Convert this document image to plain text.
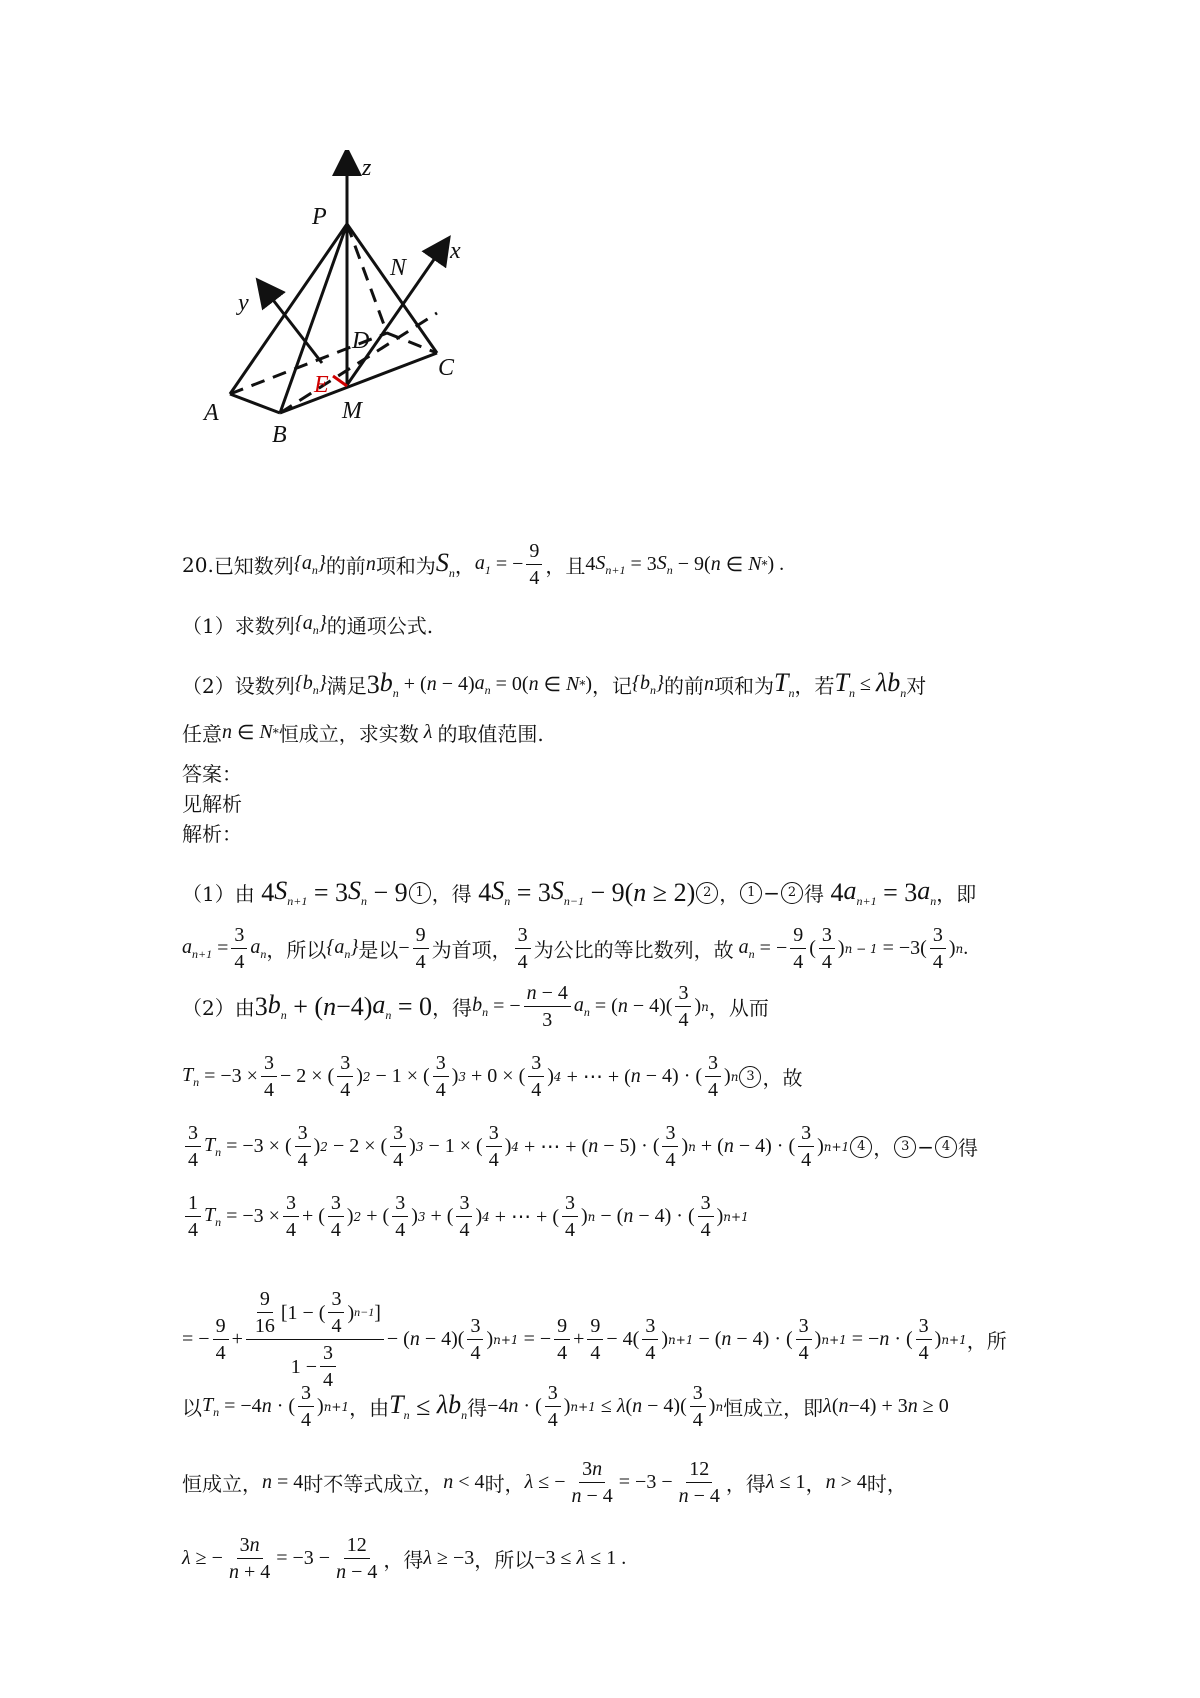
z
x
y
P
N
D
C
A
B
M
E
20. 已知数列 $\{a_n\}$ 的前 n 项和为 $S_n$ ， $a_1$ = − $\frac{9}{4}$ ，且 4 $S_{n+1} = 3$ $S_n - 9$( n ∈ N * ) .
（1） 求数列 $\{a_n\}$ 的通项公式.
（2） 设数列 $\{b_n\}$ 满足 3 $b_n$ + ( n − 4) $a_n = 0$( n ∈ N * ) ，记 $\{b_n\}$ 的前 n 项和为 $T_n$ ，若 $T_n \le \lambda b_n$ 对
任意 n ∈ N * 恒成立，求实数 λ 的取值范围.
答案：
见解析
解析：
（1）由 4 $S_{n+1} = 3$ $S_n - 9$ 1 ，得 4 $S_n = 3$ $S_{n-1} - 9$( n ≥ 2) 2 ， 1 − 2 得 4 $a_{n+1} = 3$ $a_n$ ，即
$a_{n+1} = \frac{3}{4} a_n$ ， 所以 $\{a_n\}$ 是以 − $\frac{9}{4}$ 为首项， $\frac{3}{4}$ 为公比的等比数列，故 $a_n$ = − $\frac{9}{4}$ ( $\frac{3}{4}$ ) $n - 1 = -3( \frac{3}{4}$ ) n .
（2）由 3 $b_n$ + ( n −4) $a_n = 0$ ，得 $b_n$ = − $\frac{n - 4}{3} a_n$ = ( $n - 4)( \frac{3}{4}$ ) n ，从而
$T_n = -3 \times \frac{3}{4} - 2$ × ( $\frac{3}{4}$ ) 2 − 1 × ( $\frac{3}{4}$ ) 3 + 0 × ( $\frac{3}{4}$ ) 4 + ⋯ + ( n − 4) · ( $\frac{3}{4}$ ) n 3 ，故
$\frac{3}{4} T_n = -3$ × ( $\frac{3}{4}$ ) 2 − 2 × ( $\frac{3}{4}$ ) 3 − 1 × ( $\frac{3}{4}$ ) 4 + ⋯ + ( n − 5) · ( $\frac{3}{4}$ ) n + ( n − 4) · ( $\frac{3}{4}$ ) n+1 4 ， 3 − 4 得
$\frac{1}{4} T_n = -3 \times \frac{3}{4}$ + ( $\frac{3}{4}$ ) 2 + ( $\frac{3}{4}$ ) 3 + ( $\frac{3}{4}$ ) 4 + ⋯ + ( $\frac{3}{4}$ ) n − ( n − 4) · ( $\frac{3}{4}$ ) n+1
= − $\frac{9}{4} + \frac{\frac{9}{16} [1 - ( \frac{3}{4} ) n-1 ]}{1 - \frac{3}{4}}$ − ( $n - 4)( \frac{3}{4}$ ) n+1 = − $\frac{9}{4} + \frac{9}{4} - 4( \frac{3}{4}$ ) n+1 − ( n − 4) · ( $\frac{3}{4}$ ) n+1 = − n · ( $\frac{3}{4}$ ) n+1 ，所
以 $T_n = -4$ n · ( $\frac{3}{4}$ ) n+1 ， 由 $T_n \le \lambda b_n$ 得 −4 n · ( $\frac{3}{4}$ ) n+1 ≤ λ ( $n - 4)( \frac{3}{4}$ ) n 恒成立，即 λ ( n −4) + 3 n ≥ 0
恒成立， n = 4 时不等式成立， n < 4 时， λ ≤ − $\frac{3n}{n - 4} = -3 - \frac{12}{n - 4}$ ，得 λ ≤ 1 ， n > 4 时，
λ ≥ − $\frac{3n}{n + 4} = -3 - \frac{12}{n - 4}$ ，得 λ ≥ −3 ，所以 −3 ≤ λ ≤ 1 .
